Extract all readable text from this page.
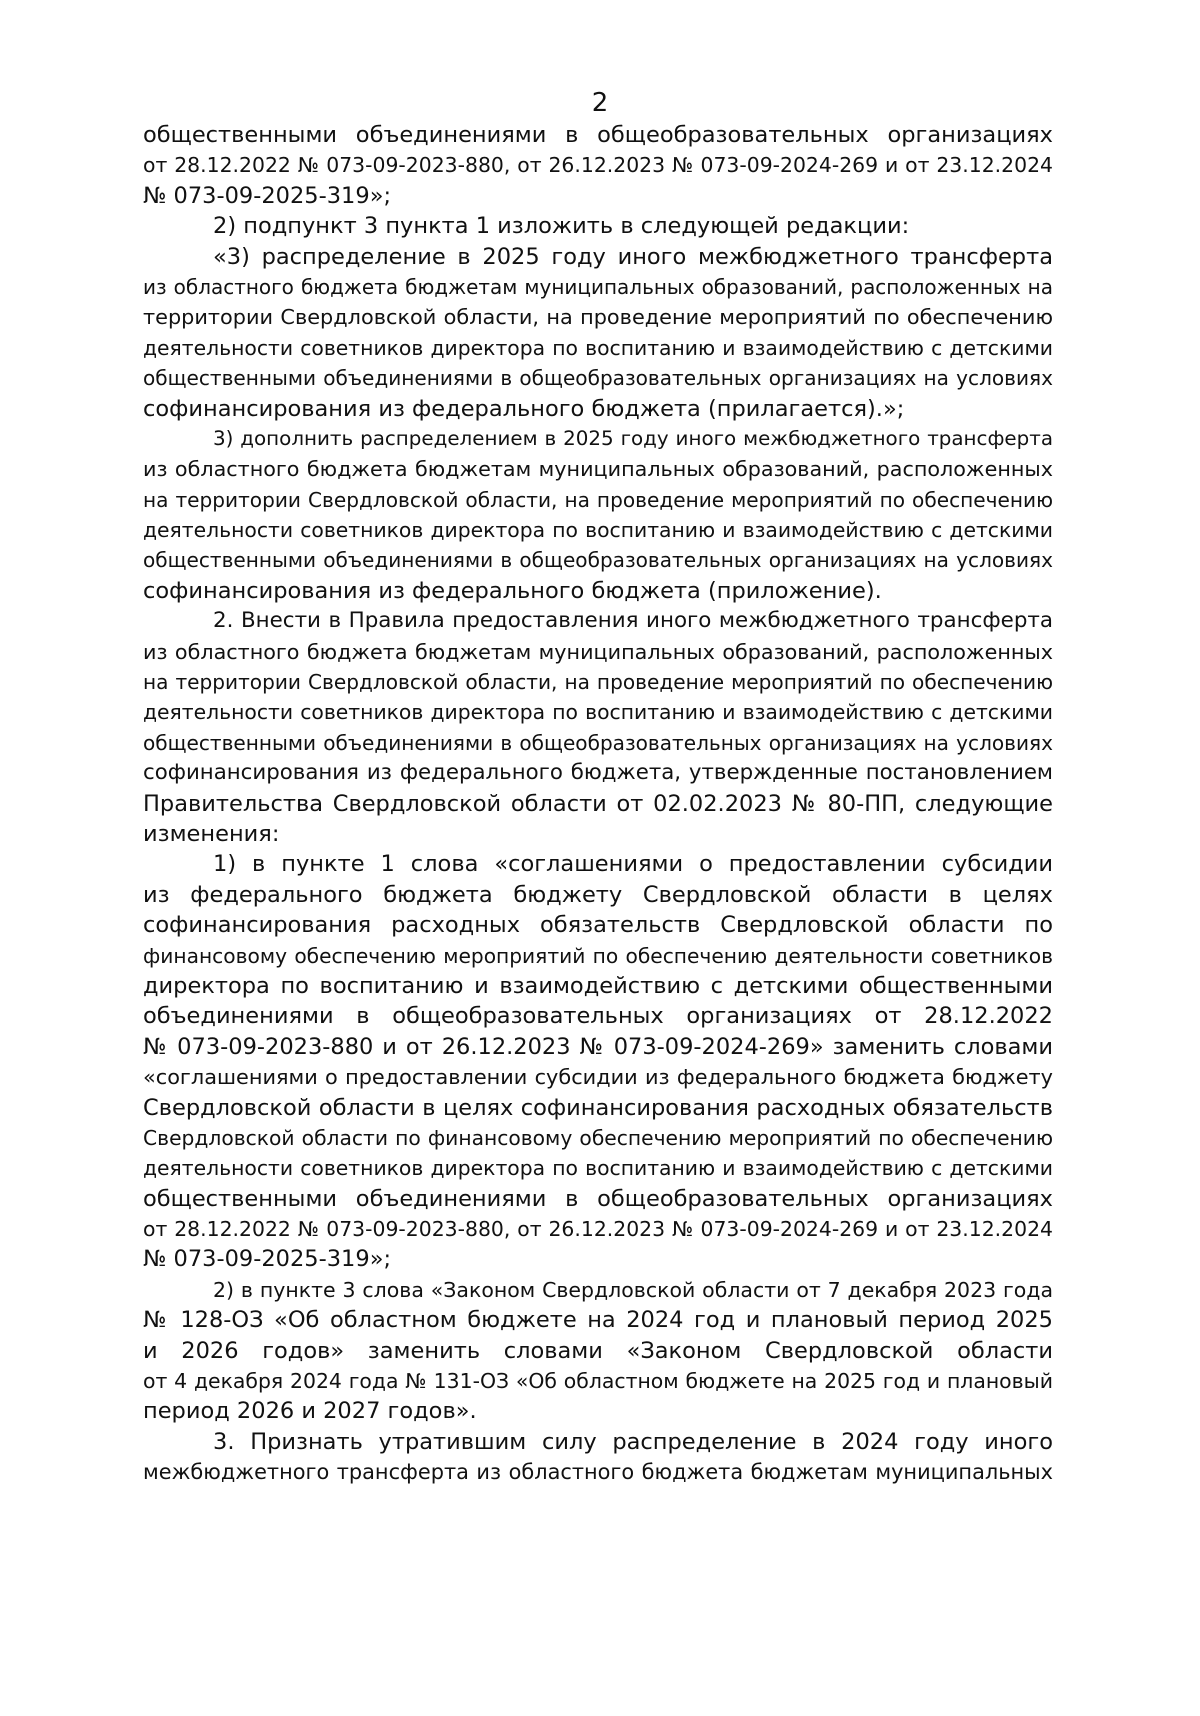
2
общественными объединениями в общеобразовательных организациях
от 28.12.2022 № 073-09-2023-880, от 26.12.2023 № 073-09-2024-269 и от 23.12.2024
№ 073-09-2025-319»;
2) подпункт 3 пункта 1 изложить в следующей редакции:
«3) распределение в 2025 году иного межбюджетного трансферта
из областного бюджета бюджетам муниципальных образований, расположенных на
территории Свердловской области, на проведение мероприятий по обеспечению
деятельности советников директора по воспитанию и взаимодействию с детскими
общественными объединениями в общеобразовательных организациях на условиях
софинансирования из федерального бюджета (прилагается).»;
3) дополнить распределением в 2025 году иного межбюджетного трансферта
из областного бюджета бюджетам муниципальных образований, расположенных
на территории Свердловской области, на проведение мероприятий по обеспечению
деятельности советников директора по воспитанию и взаимодействию с детскими
общественными объединениями в общеобразовательных организациях на условиях
софинансирования из федерального бюджета (приложение).
2. Внести в Правила предоставления иного межбюджетного трансферта
из областного бюджета бюджетам муниципальных образований, расположенных
на территории Свердловской области, на проведение мероприятий по обеспечению
деятельности советников директора по воспитанию и взаимодействию с детскими
общественными объединениями в общеобразовательных организациях на условиях
софинансирования из федерального бюджета, утвержденные постановлением
Правительства Свердловской области от 02.02.2023 № 80-ПП, следующие
изменения:
1) в пункте 1 слова «соглашениями о предоставлении субсидии
из федерального бюджета бюджету Свердловской области в целях
софинансирования расходных обязательств Свердловской области по
финансовому обеспечению мероприятий по обеспечению деятельности советников
директора по воспитанию и взаимодействию с детскими общественными
объединениями в общеобразовательных организациях от 28.12.2022
№ 073-09-2023-880 и от 26.12.2023 № 073-09-2024-269» заменить словами
«соглашениями о предоставлении субсидии из федерального бюджета бюджету
Свердловской области в целях софинансирования расходных обязательств
Свердловской области по финансовому обеспечению мероприятий по обеспечению
деятельности советников директора по воспитанию и взаимодействию с детскими
общественными объединениями в общеобразовательных организациях
от 28.12.2022 № 073-09-2023-880, от 26.12.2023 № 073-09-2024-269 и от 23.12.2024
№ 073-09-2025-319»;
2) в пункте 3 слова «Законом Свердловской области от 7 декабря 2023 года
№ 128-ОЗ «Об областном бюджете на 2024 год и плановый период 2025
и 2026 годов» заменить словами «Законом Свердловской области
от 4 декабря 2024 года № 131-ОЗ «Об областном бюджете на 2025 год и плановый
период 2026 и 2027 годов».
3. Признать утратившим силу распределение в 2024 году иного
межбюджетного трансферта из областного бюджета бюджетам муниципальных
